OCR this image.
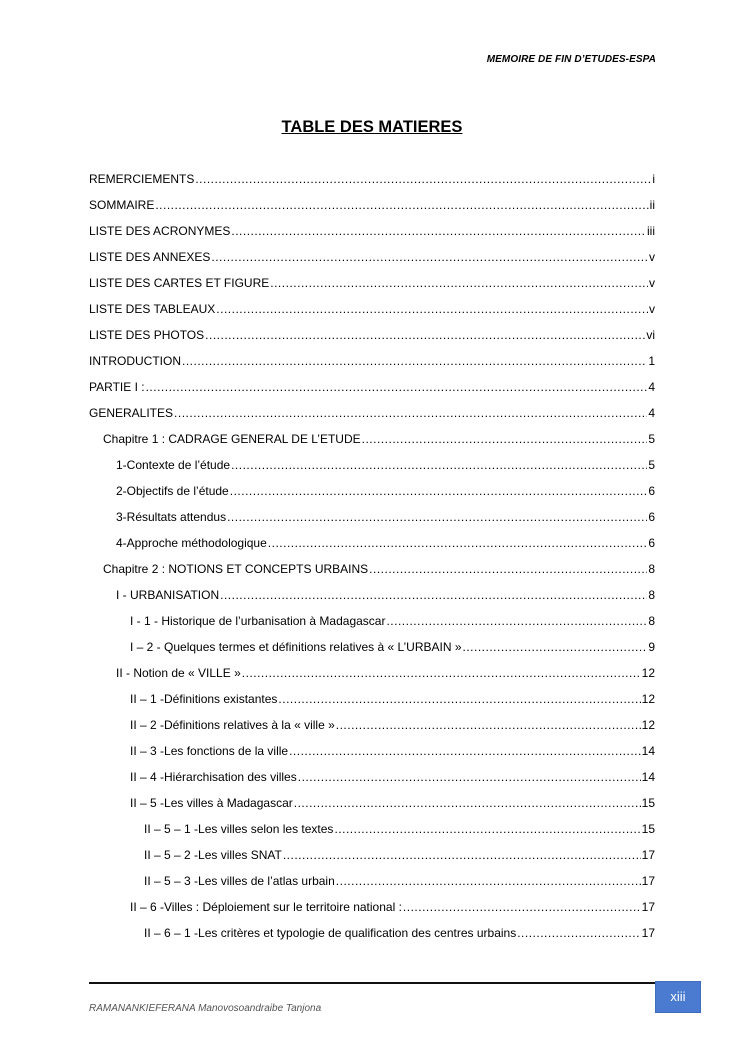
MEMOIRE DE FIN D’ETUDES-ESPA
TABLE DES MATIERES
REMERCIEMENTS .....	i
SOMMAIRE .....	ii
LISTE DES ACRONYMES .....	iii
LISTE DES ANNEXES .....	v
LISTE DES CARTES ET FIGURE .....	v
LISTE DES TABLEAUX .....	v
LISTE DES PHOTOS .....	vi
INTRODUCTION .....	1
PARTIE I : .....	4
GENERALITES .....	4
Chapitre 1 : CADRAGE GENERAL DE L’ETUDE .....	5
1-Contexte de l’étude .....	5
2-Objectifs de l’étude .....	6
3-Résultats attendus .....	6
4-Approche méthodologique .....	6
Chapitre 2 : NOTIONS ET CONCEPTS URBAINS .....	8
I - URBANISATION .....	8
I - 1 - Historique de l’urbanisation à Madagascar .....	8
I – 2 - Quelques termes et définitions relatives à « L’URBAIN » .....	9
II - Notion de « VILLE » .....	12
II – 1 -Définitions existantes .....	12
II – 2 -Définitions relatives à la « ville » .....	12
II – 3 -Les fonctions de la ville .....	14
II – 4 -Hiérarchisation des villes .....	14
II – 5 -Les villes à Madagascar .....	15
II – 5 – 1 -Les villes selon les textes .....	15
II – 5 – 2 -Les villes SNAT .....	17
II – 5 – 3 -Les villes de l’atlas urbain .....	17
II – 6 -Villes : Déploiement sur le territoire national : .....	17
II – 6 – 1 -Les critères et typologie de qualification des centres urbains .....	17
RAMANANKIEFERANA Manovosoandraibe Tanjona
xiii
